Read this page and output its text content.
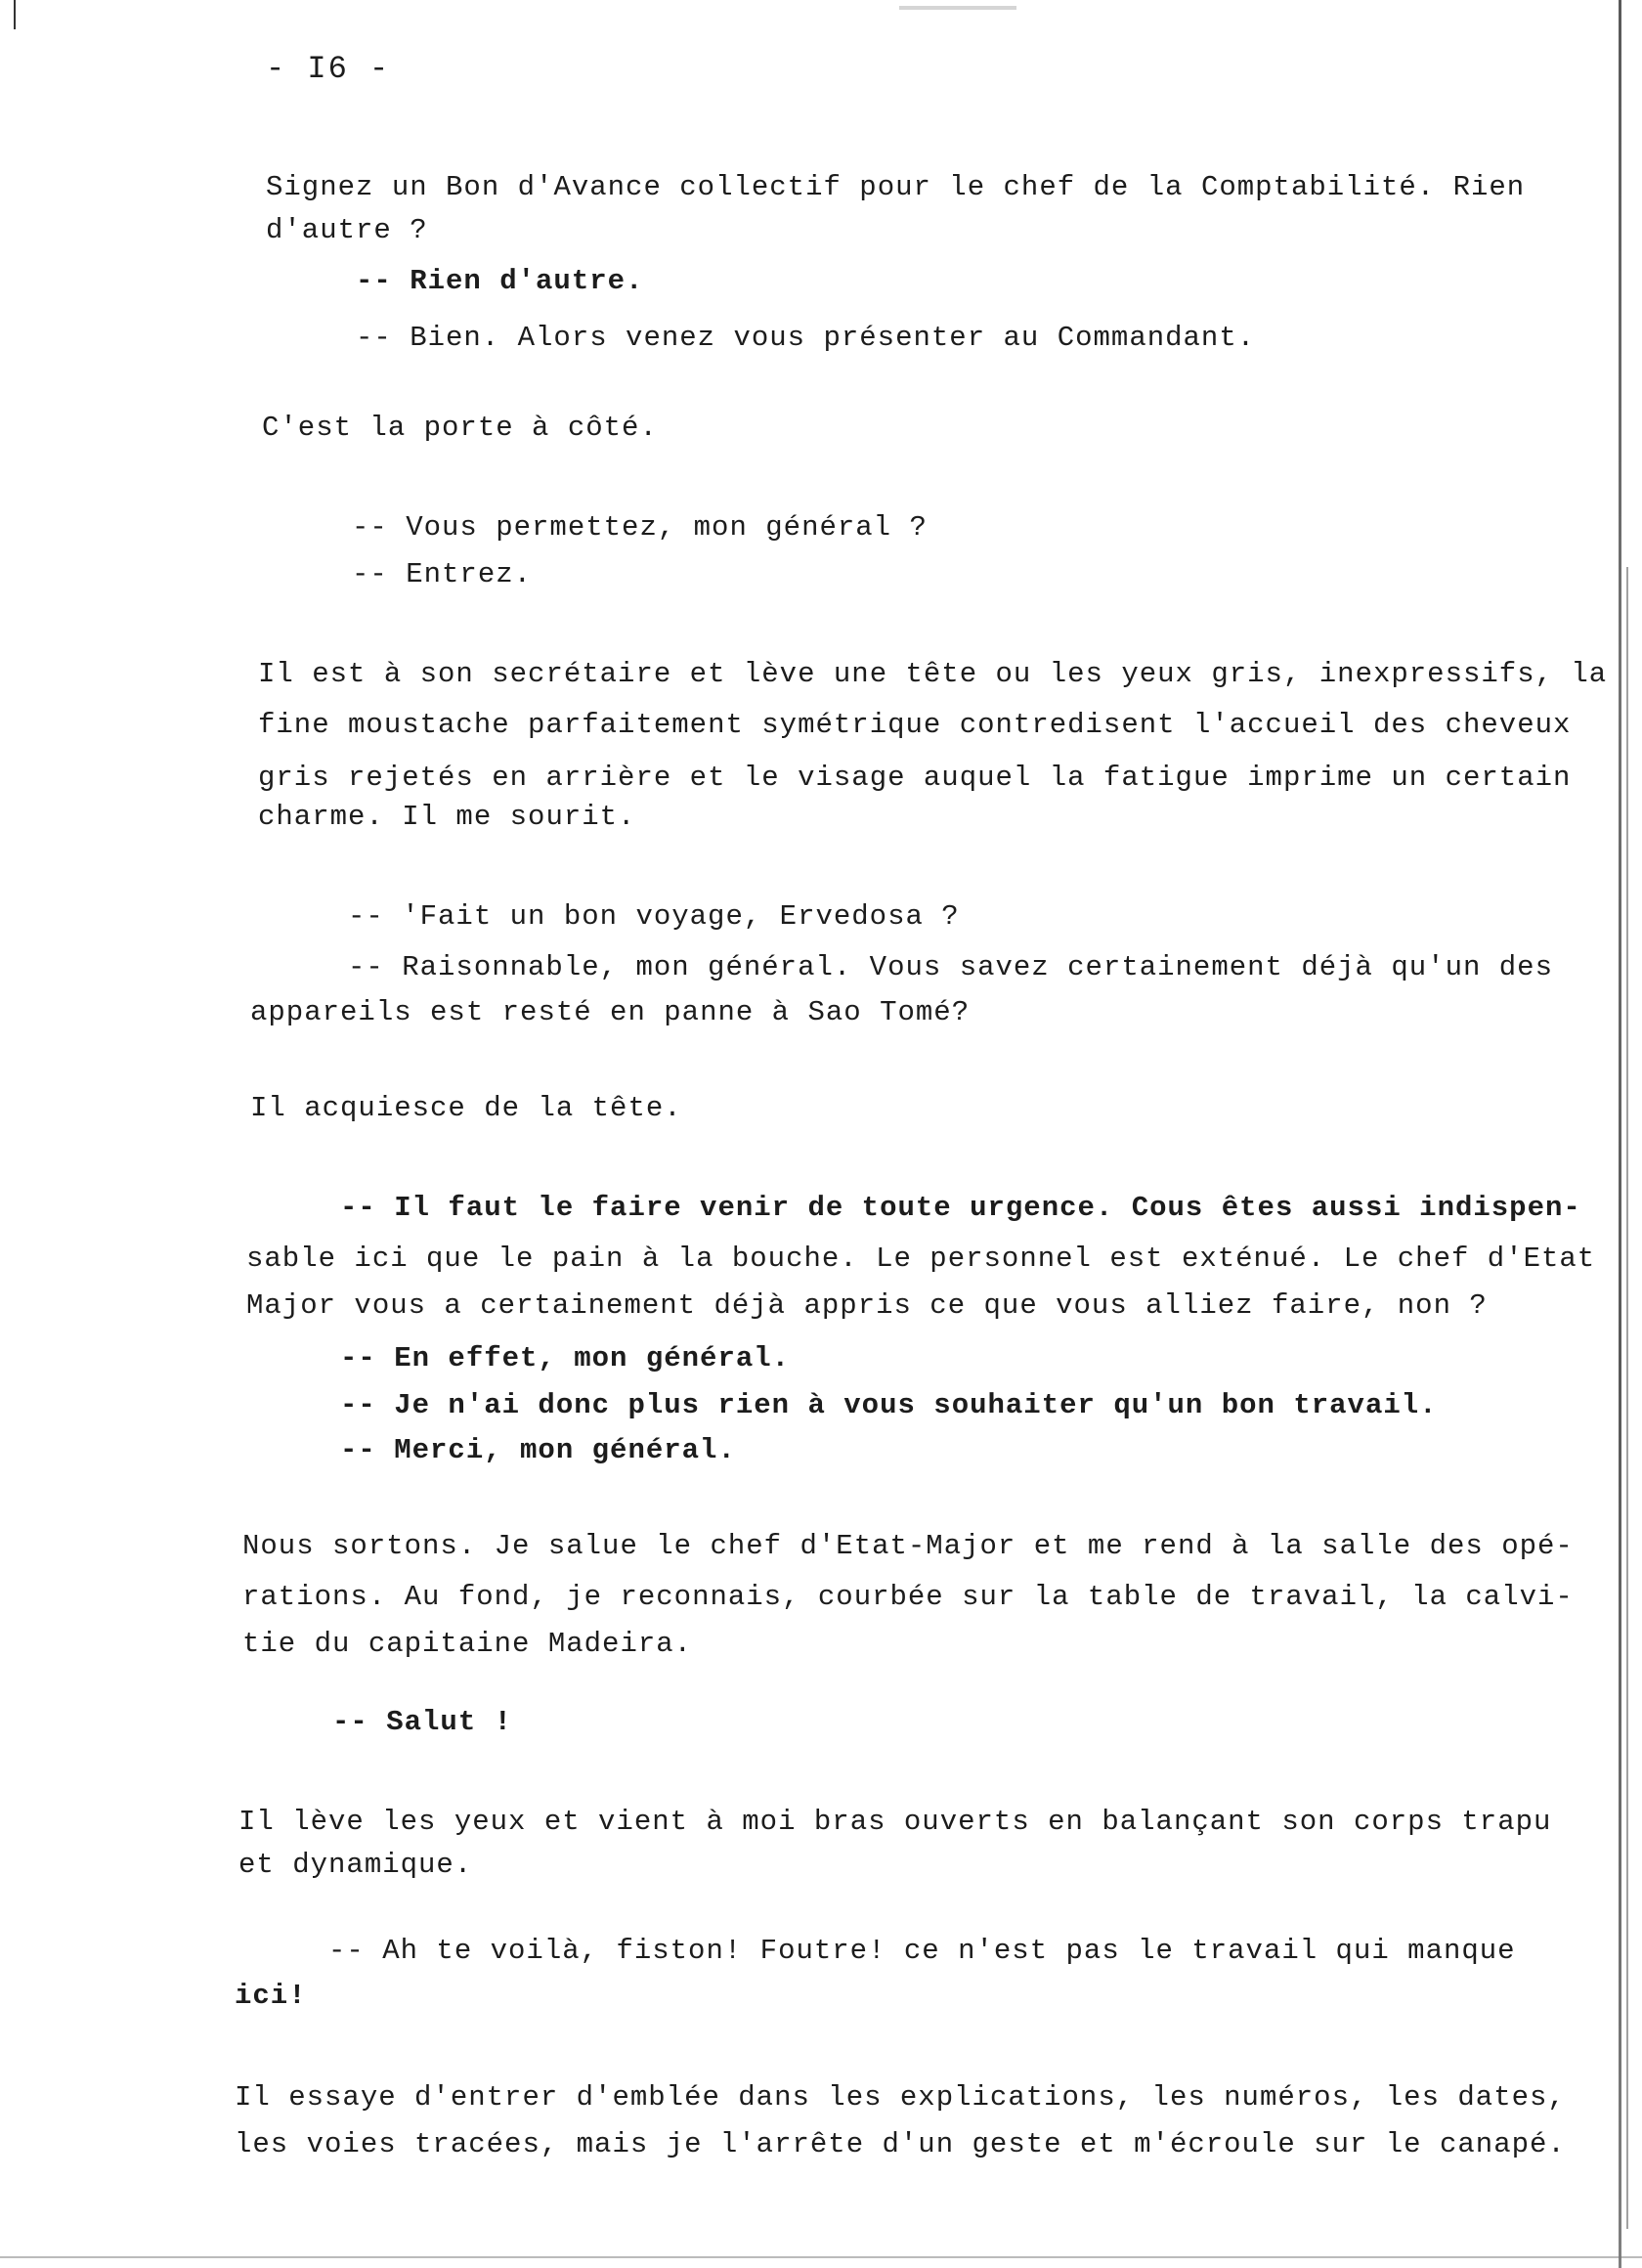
- I6 -

Signez un Bon d'Avance collectif pour le chef de la Comptabilité. Rien

d'autre ?

-- Rien d'autre.

-- Bien. Alors venez vous présenter au Commandant.

C'est la porte à côté.

-- Vous permettez, mon général ?

-- Entrez.

Il est à son secrétaire et lève une tête ou les yeux gris, inexpressifs, la

fine moustache parfaitement symétrique contredisent l'accueil des cheveux

gris rejetés en arrière et le visage auquel la fatigue imprime un certain

charme. Il me sourit.

-- 'Fait un bon voyage, Ervedosa ?

-- Raisonnable, mon général. Vous savez certainement déjà qu'un des

appareils est resté en panne à Sao Tomé?

Il acquiesce de la tête.

-- Il faut le faire venir de toute urgence. Cous êtes aussi indispen-

sable ici que le pain à la bouche. Le personnel est exténué. Le chef d'Etat

Major vous a certainement déjà appris ce que vous alliez faire, non ?

-- En effet, mon général.

-- Je n'ai donc plus rien à vous souhaiter qu'un bon travail.

-- Merci, mon général.

Nous sortons. Je salue le chef d'Etat-Major et me rend à la salle des opé-

rations. Au fond, je reconnais, courbée sur la table de travail, la calvi-

tie du capitaine Madeira.

-- Salut !

Il lève les yeux et vient à moi bras ouverts en balançant son corps trapu

et dynamique.

-- Ah te voilà, fiston! Foutre! ce n'est pas le travail qui manque

ici!

Il essaye d'entrer d'emblée dans les explications, les numéros, les dates,

les voies tracées, mais je l'arrête d'un geste et m'écroule sur le canapé.
